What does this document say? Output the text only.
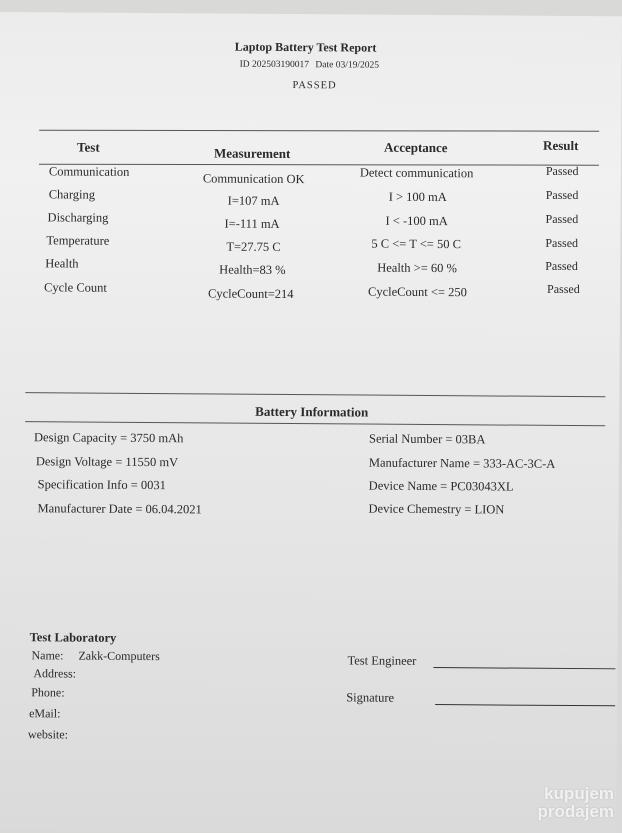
Laptop Battery Test Report
ID 202503190017 Date 03/19/2025
PASSED
Test	Measurement	Acceptance	Result
Communication	Communication OK	Detect communication	Passed
Charging	I=107 mA	I > 100 mA	Passed
Discharging	I=-111 mA	I < -100 mA	Passed
Temperature	T=27.75 C	5 C <= T <= 50 C	Passed
Health	Health=83 %	Health >= 60 %	Passed
Cycle Count	CycleCount=214	CycleCount <= 250	Passed
Battery Information
Design Capacity = 3750 mAh
Design Voltage = 11550 mV
Specification Info = 0031
Manufacturer Date = 06.04.2021
Serial Number = 03BA
Manufacturer Name = 333-AC-3C-A
Device Name = PC03043XL
Device Chemestry = LION
Test Laboratory
Name: Zakk-Computers
Address:
Phone:
eMail:
website:
Test Engineer
Signature
kupujem
prodajem
